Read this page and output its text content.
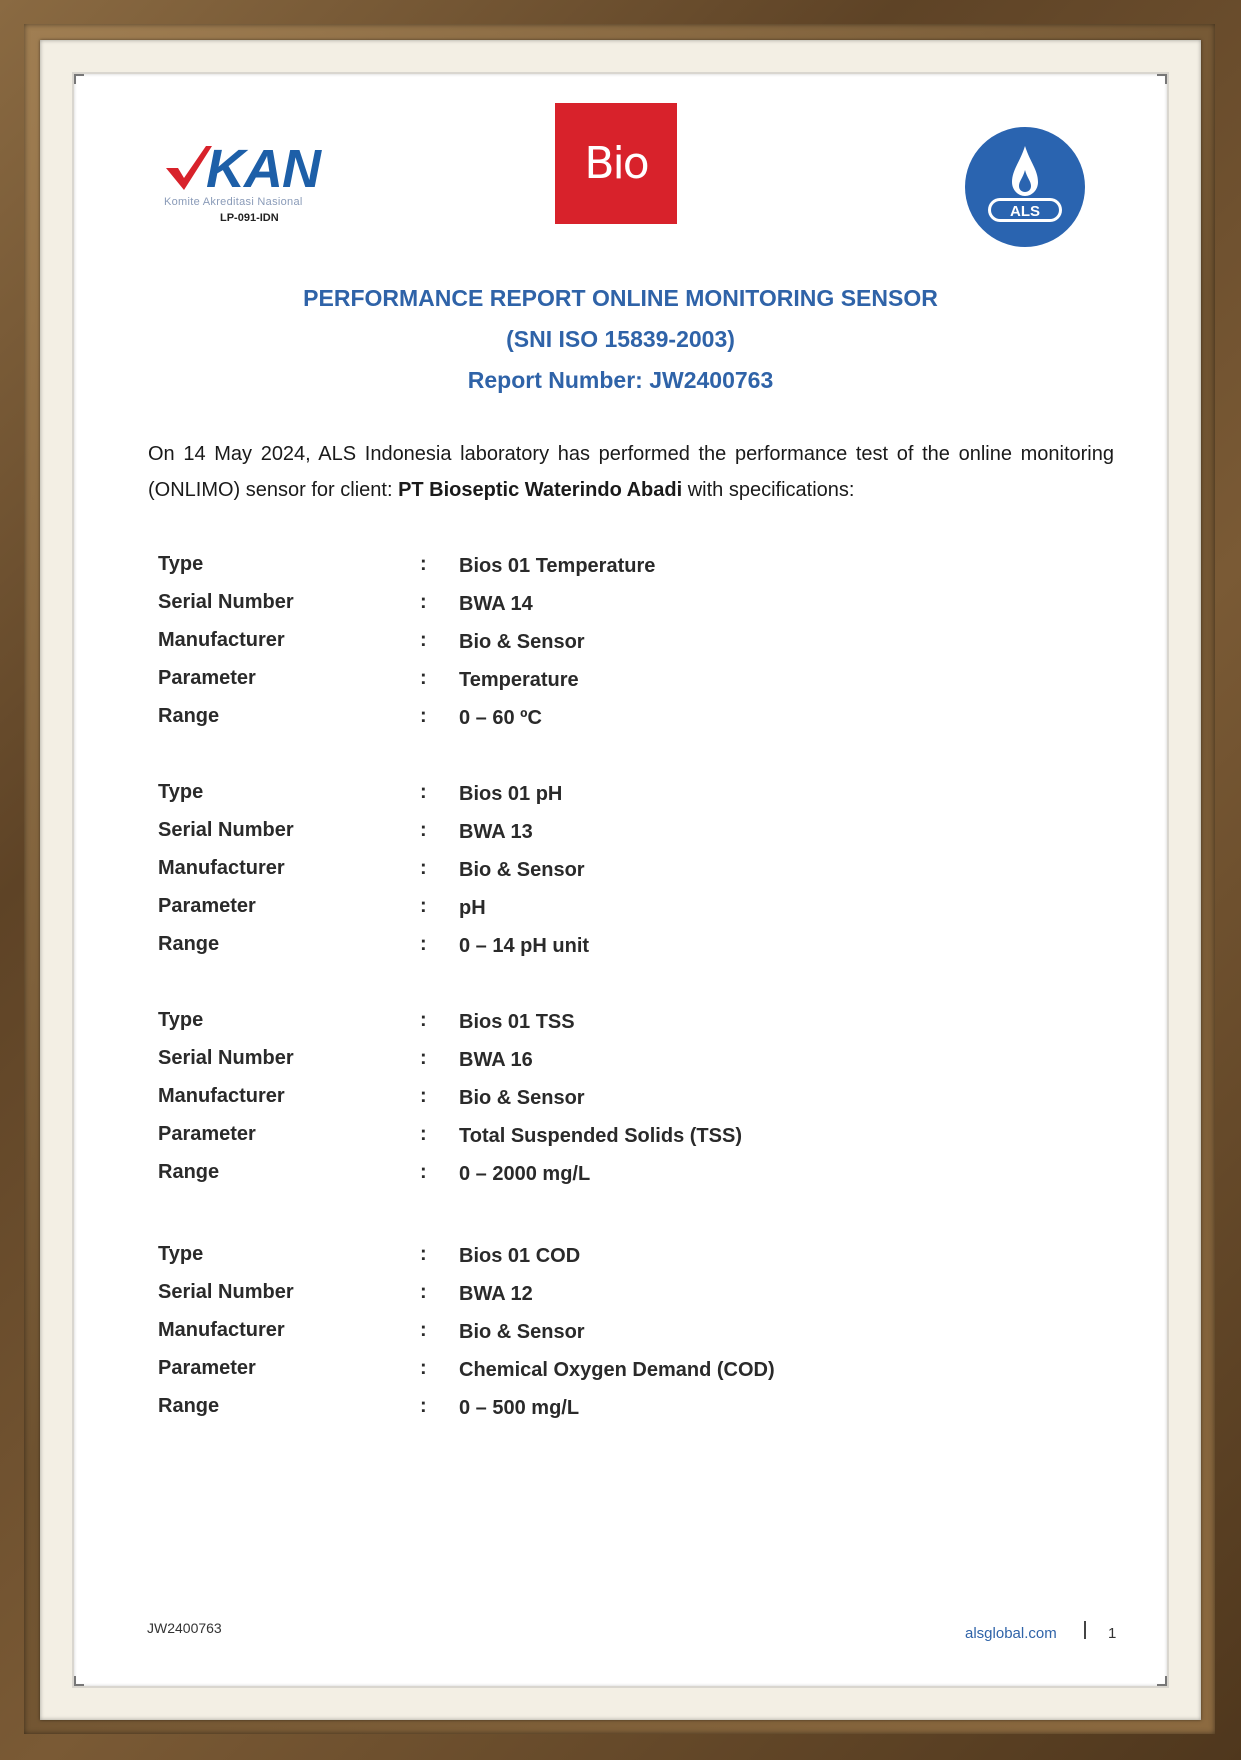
KAN
Komite Akreditasi Nasional
LP-091-IDN
Bio
ALS
PERFORMANCE REPORT ONLINE MONITORING SENSOR
(SNI ISO 15839-2003)
Report Number: JW2400763
On 14 May 2024, ALS Indonesia laboratory has performed the performance test of the online monitoring (ONLIMO) sensor for client: PT Bioseptic Waterindo Abadi with specifications:
Type	: Bios 01 Temperature
Serial Number	: BWA 14
Manufacturer	: Bio & Sensor
Parameter	: Temperature
Range	: 0 – 60 ºC
Type	: Bios 01 pH
Serial Number	: BWA 13
Manufacturer	: Bio & Sensor
Parameter	: pH
Range	: 0 – 14 pH unit
Type	: Bios 01 TSS
Serial Number	: BWA 16
Manufacturer	: Bio & Sensor
Parameter	: Total Suspended Solids (TSS)
Range	: 0 – 2000 mg/L
Type	: Bios 01 COD
Serial Number	: BWA 12
Manufacturer	: Bio & Sensor
Parameter	: Chemical Oxygen Demand (COD)
Range	: 0 – 500 mg/L
JW2400763	alsglobal.com	1
